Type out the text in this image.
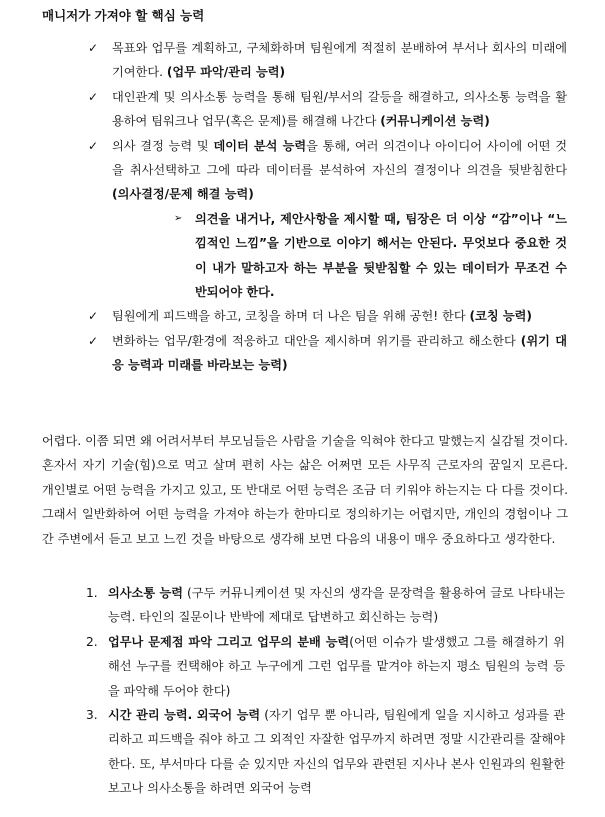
매니저가 가져야 할 핵심 능력
✓ 목표와 업무를 계획하고, 구체화하며 팀원에게 적절히 분배하여 부서나 회사의 미래에 기여한다. (업무 파악/관리 능력)
✓ 대인관계 및 의사소통 능력을 통해 팀원/부서의 갈등을 해결하고, 의사소통 능력을 활용하여 팀워크나 업무(혹은 문제)를 해결해 나간다 (커뮤니케이션 능력)
✓ 의사 결정 능력 및 데이터 분석 능력을 통해, 여러 의견이나 아이디어 사이에 어떤 것을 취사선택하고 그에 따라 데이터를 분석하여 자신의 결정이나 의견을 뒷받침한다 (의사결정/문제 해결 능력)
➢ 의견을 내거나, 제안사항을 제시할 때, 팀장은 더 이상 “감”이나 “느낌적인 느낌”을 기반으로 이야기 해서는 안된다. 무엇보다 중요한 것이 내가 말하고자 하는 부분을 뒷받침할 수 있는 데이터가 무조건 수반되어야 한다.
✓ 팀원에게 피드백을 하고, 코칭을 하며 더 나은 팀을 위해 공헌! 한다 (코칭 능력)
✓ 변화하는 업무/환경에 적응하고 대안을 제시하며 위기를 관리하고 해소한다 (위기 대응 능력과 미래를 바라보는 능력)

어렵다. 이쯤 되면 왜 어려서부터 부모님들은 사람을 기술을 익혀야 한다고 말했는지 실감될 것이다. 혼자서 자기 기술(힘)으로 먹고 살며 편히 사는 삶은 어쩌면 모든 사무직 근로자의 꿈일지 모른다. 개인별로 어떤 능력을 가지고 있고, 또 반대로 어떤 능력은 조금 더 키워야 하는지는 다 다를 것이다. 그래서 일반화하여 어떤 능력을 가져야 하는가 한마디로 정의하기는 어렵지만, 개인의 경험이나 그 간 주변에서 듣고 보고 느낀 것을 바탕으로 생각해 보면 다음의 내용이 매우 중요하다고 생각한다.

1. 의사소통 능력 (구두 커뮤니케이션 및 자신의 생각을 문장력을 활용하여 글로 나타내는 능력. 타인의 질문이나 반박에 제대로 답변하고 회신하는 능력)
2. 업무나 문제점 파악 그리고 업무의 분배 능력(어떤 이슈가 발생했고 그를 해결하기 위해선 누구를 컨택해야 하고 누구에게 그런 업무를 맡겨야 하는지 평소 팀원의 능력 등을 파악해 두어야 한다)
3. 시간 관리 능력. 외국어 능력 (자기 업무 뿐 아니라, 팀원에게 일을 지시하고 성과를 관리하고 피드백을 줘야 하고 그 외적인 자잘한 업무까지 하려면 정말 시간관리를 잘해야 한다. 또, 부서마다 다를 순 있지만 자신의 업무와 관련된 지사나 본사 인원과의 원활한 보고나 의사소통을 하려면 외국어 능력
